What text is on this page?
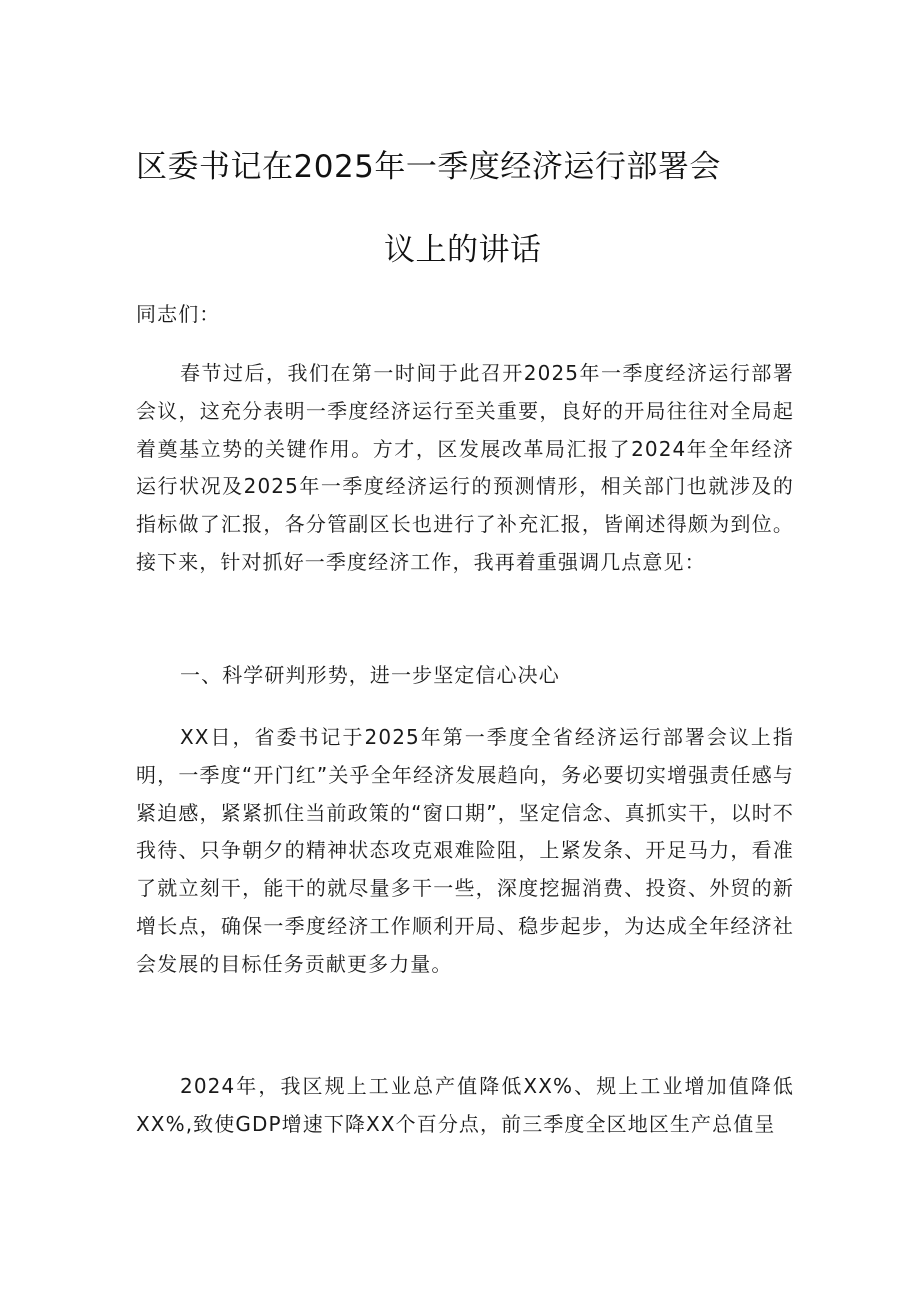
区委书记在2025年一季度经济运行部署会
议上的讲话
同志们：
春节过后，我们在第一时间于此召开2025年一季度经济运行部署会议，这充分表明一季度经济运行至关重要，良好的开局往往对全局起着奠基立势的关键作用。方才，区发展改革局汇报了2024年全年经济运行状况及2025年一季度经济运行的预测情形，相关部门也就涉及的指标做了汇报，各分管副区长也进行了补充汇报，皆阐述得颇为到位。接下来，针对抓好一季度经济工作，我再着重强调几点意见：
一、科学研判形势，进一步坚定信心决心
XX日，省委书记于2025年第一季度全省经济运行部署会议上指明，一季度“开门红”关乎全年经济发展趋向，务必要切实增强责任感与紧迫感，紧紧抓住当前政策的“窗口期”，坚定信念、真抓实干，以时不我待、只争朝夕的精神状态攻克艰难险阻，上紧发条、开足马力，看准了就立刻干，能干的就尽量多干一些，深度挖掘消费、投资、外贸的新增长点，确保一季度经济工作顺利开局、稳步起步，为达成全年经济社会发展的目标任务贡献更多力量。
2024年，我区规上工业总产值降低XX%、规上工业增加值降低XX%,致使GDP增速下降XX个百分点，前三季度全区地区生产总值呈
